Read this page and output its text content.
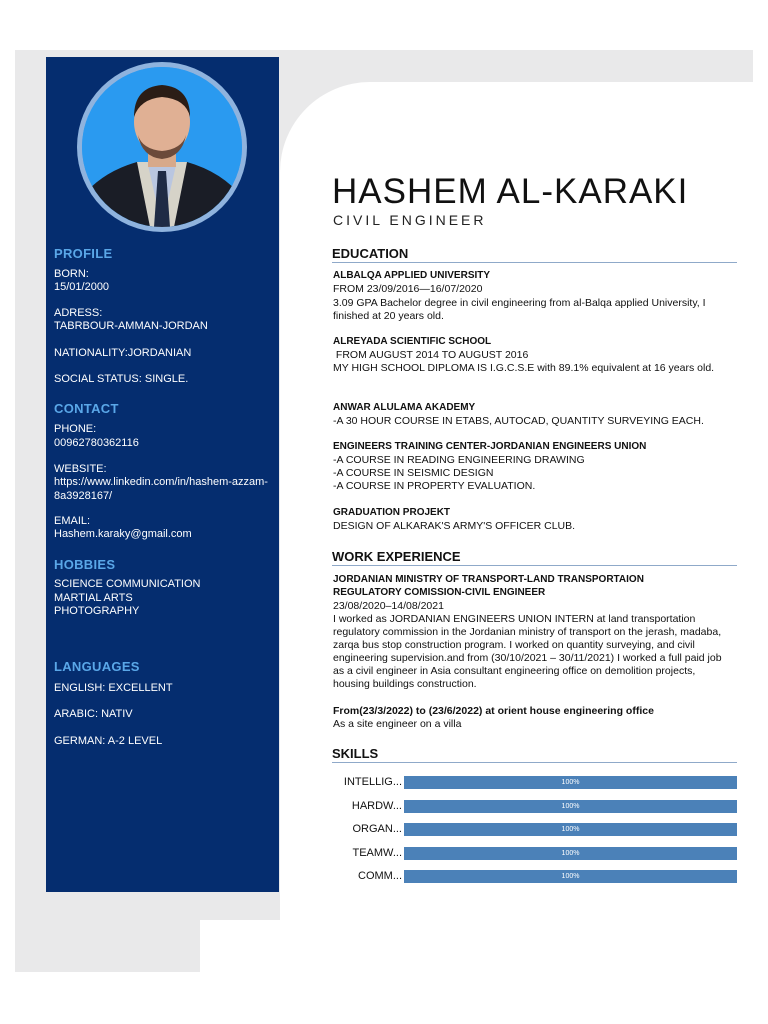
PROFILE
BORN:
15/01/2000
ADRESS:
TABRBOUR-AMMAN-JORDAN
NATIONALITY:JORDANIAN
SOCIAL STATUS: SINGLE.
CONTACT
PHONE:
00962780362116
WEBSITE:
https://www.linkedin.com/in/hashem-azzam-8a3928167/
EMAIL:
Hashem.karaky@gmail.com
HOBBIES
SCIENCE COMMUNICATION
MARTIAL ARTS
PHOTOGRAPHY
LANGUAGES
ENGLISH: EXCELLENT
ARABIC: NATIV
GERMAN: A-2 LEVEL
HASHEM AL-KARAKI
CIVIL ENGINEER
EDUCATION
ALBALQA APPLIED UNIVERSITY
FROM 23/09/2016—16/07/2020
3.09 GPA Bachelor degree in civil engineering from al-Balqa applied University, I finished at 20 years old.
ALREYADA SCIENTIFIC SCHOOL
FROM AUGUST 2014 TO AUGUST 2016
MY HIGH SCHOOL DIPLOMA IS I.G.C.S.E with 89.1% equivalent at 16 years old.
ANWAR ALULAMA AKADEMY
-A 30 HOUR COURSE IN ETABS, AUTOCAD, QUANTITY SURVEYING EACH.
ENGINEERS TRAINING CENTER-JORDANIAN ENGINEERS UNION
-A COURSE IN READING ENGINEERING DRAWING
-A COURSE IN SEISMIC DESIGN
-A COURSE IN PROPERTY EVALUATION.
GRADUATION PROJEKT
DESIGN OF ALKARAK'S ARMY'S OFFICER CLUB.
WORK EXPERIENCE
JORDANIAN MINISTRY OF TRANSPORT-LAND TRANSPORTAION REGULATORY COMISSION-CIVIL ENGINEER
23/08/2020–14/08/2021
I worked as JORDANIAN ENGINEERS UNION INTERN at land transportation regulatory commission in the Jordanian ministry of transport on the jerash, madaba, zarqa bus stop construction program. I worked on quantity surveying, and civil engineering supervision.and from (30/10/2021 – 30/11/2021) I worked a full paid job as a civil engineer in Asia consultant engineering office on demolition projects, housing buildings construction.
From(23/3/2022) to (23/6/2022) at orient house engineering office
As a site engineer on a villa
SKILLS
INTELLIG...	100%
HARDW...	100%
ORGAN...	100%
TEAMW...	100%
COMM...	100%
